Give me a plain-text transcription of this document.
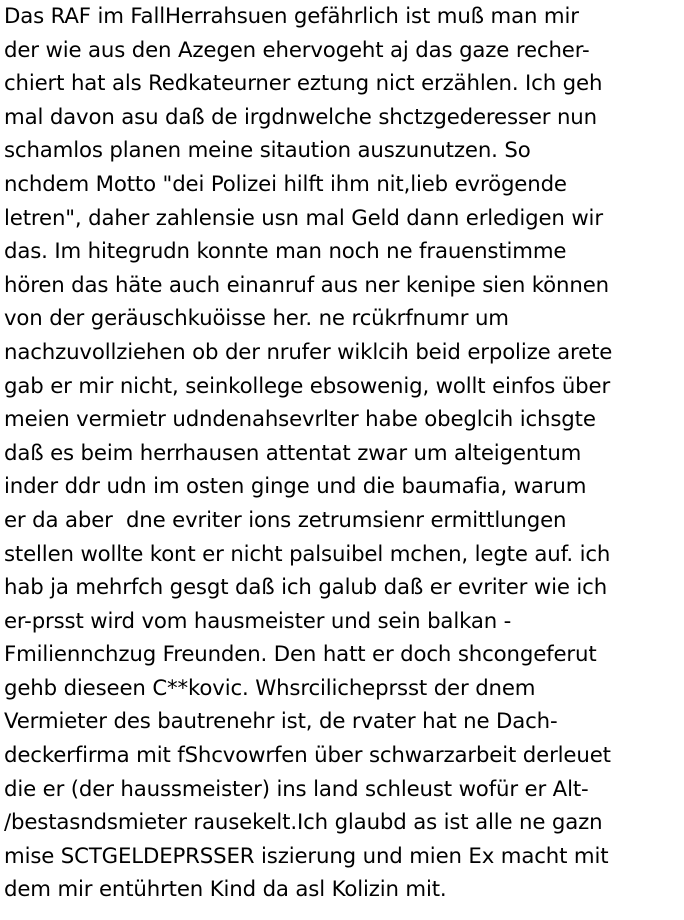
Das RAF im FallHerrahsuen gefährlich ist muß man mir
der wie aus den Azegen ehervogeht aj das gaze recher-
chiert hat als Redkateurner eztung nict erzählen. Ich geh
mal davon asu daß de irgdnwelche shctzgederesser nun
schamlos planen meine sitaution auszunutzen. So
nchdem Motto "dei Polizei hilft ihm nit,lieb evrögende
letren", daher zahlensie usn mal Geld dann erledigen wir
das. Im hitegrudn konnte man noch ne frauenstimme
hören das häte auch einanruf aus ner kenipe sien können
von der geräuschkuöisse her. ne rcükrfnumr um
nachzuvollziehen ob der nrufer wiklcih beid erpolize arete
gab er mir nicht, seinkollege ebsowenig, wollt einfos über
meien vermietr udndenahsevrlter habe obeglcih ichsgte
daß es beim herrhausen attentat zwar um alteigentum
inder ddr udn im osten ginge und die baumafia, warum
er da aber  dne evriter ions zetrumsienr ermittlungen
stellen wollte kont er nicht palsuibel mchen, legte auf. ich
hab ja mehrfch gesgt daß ich galub daß er evriter wie ich
er-prsst wird vom hausmeister und sein balkan -
Fmiliennchzug Freunden. Den hatt er doch shcongeferut
gehb dieseen C**kovic. Whsrcilicheprsst der dnem
Vermieter des bautrenehr ist, de rvater hat ne Dach-
deckerfirma mit fShcvowrfen über schwarzarbeit derleuet
die er (der haussmeister) ins land schleust wofür er Alt-
/bestasndsmieter rausekelt.Ich glaubd as ist alle ne gazn
mise SCTGELDEPRSSER iszierung und mien Ex macht mit
dem mir entührten Kind da asl Kolizin mit.
